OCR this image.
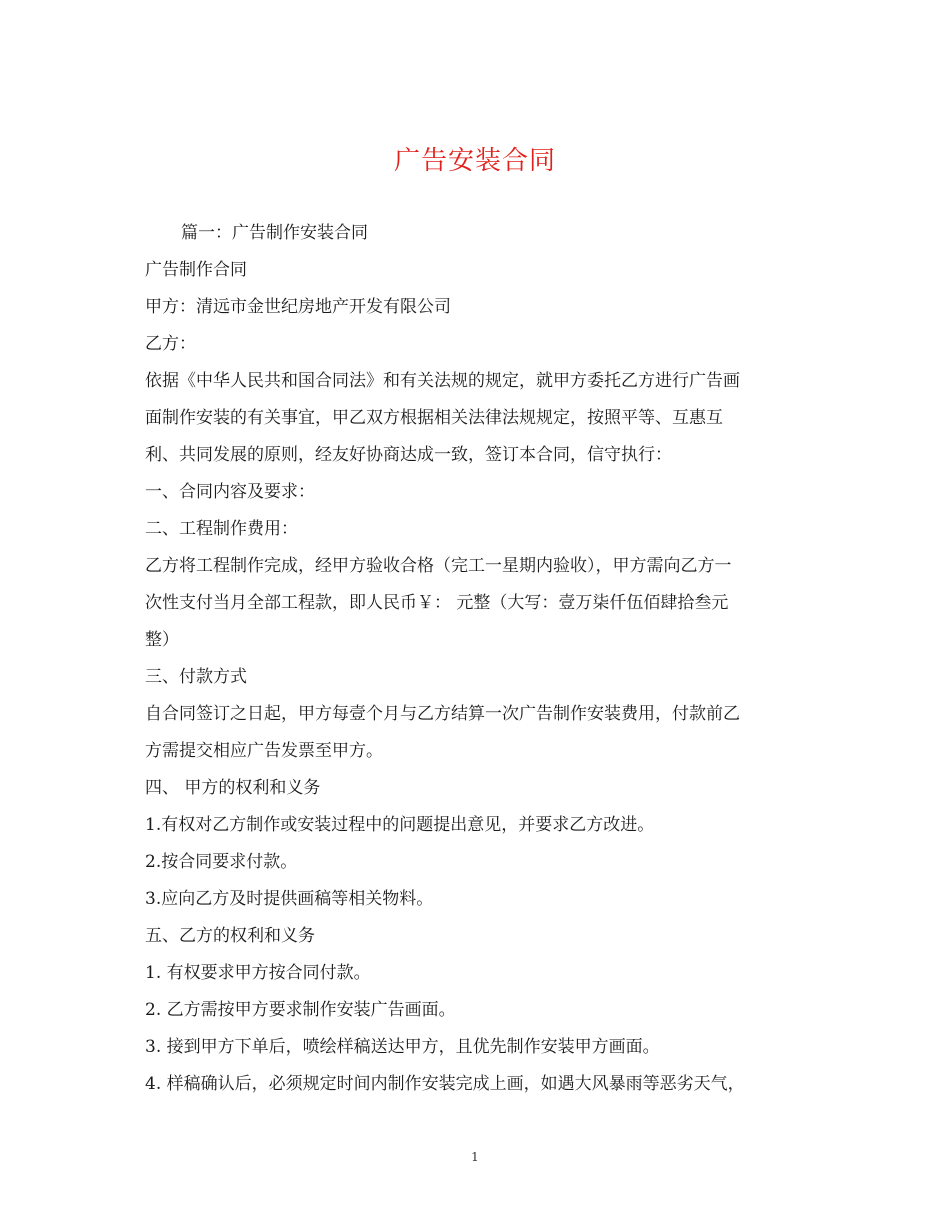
广告安装合同
篇一：广告制作安装合同
广告制作合同
甲方：清远市金世纪房地产开发有限公司
乙方：
依据《中华人民共和国合同法》和有关法规的规定，就甲方委托乙方进行广告画
面制作安装的有关事宜，甲乙双方根据相关法律法规规定，按照平等、互惠互
利、共同发展的原则，经友好协商达成一致，签订本合同，信守执行：
一、合同内容及要求：
二、工程制作费用：
乙方将工程制作完成，经甲方验收合格（完工一星期内验收），甲方需向乙方一
次性支付当月全部工程款，即人民币￥： 元整（大写：壹万柒仟伍佰肆拾叁元
整）
三、付款方式
自合同签订之日起，甲方每壹个月与乙方结算一次广告制作安装费用，付款前乙
方需提交相应广告发票至甲方。
四、 甲方的权利和义务
1.有权对乙方制作或安装过程中的问题提出意见，并要求乙方改进。
2.按合同要求付款。
3.应向乙方及时提供画稿等相关物料。
五、乙方的权利和义务
1. 有权要求甲方按合同付款。
2. 乙方需按甲方要求制作安装广告画面。
3. 接到甲方下单后，喷绘样稿送达甲方，且优先制作安装甲方画面。
4. 样稿确认后，必须规定时间内制作安装完成上画，如遇大风暴雨等恶劣天气，
1
